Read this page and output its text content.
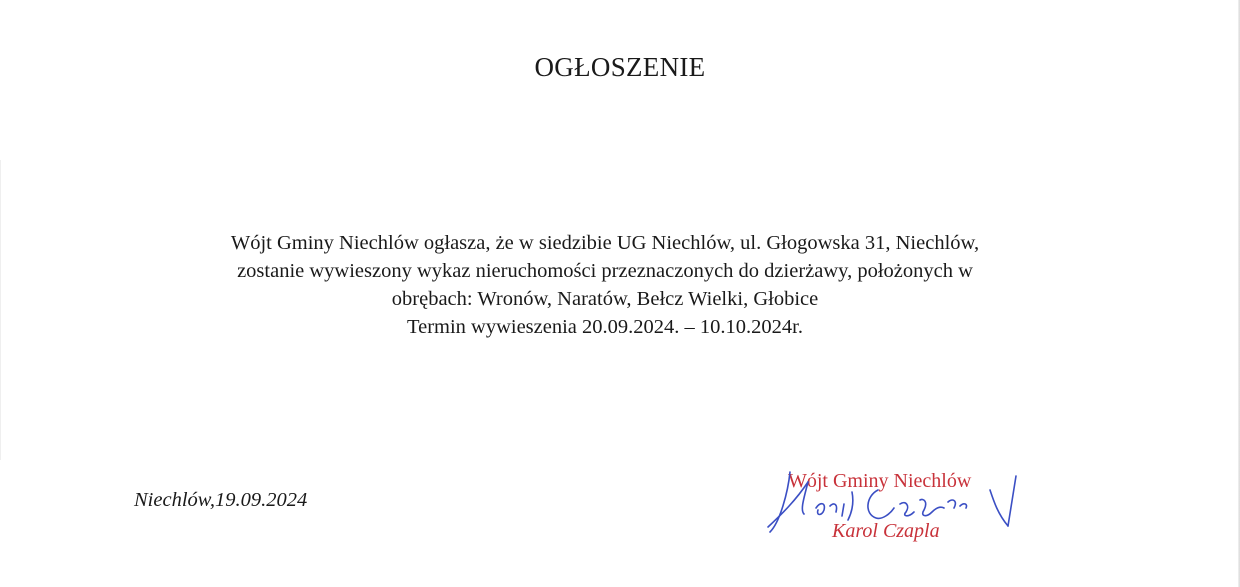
OGŁOSZENIE
Wójt Gminy Niechlów ogłasza, że w siedzibie UG Niechlów, ul. Głogowska 31, Niechlów,
zostanie wywieszony wykaz nieruchomości przeznaczonych do dzierżawy, położonych w
obrębach: Wronów, Naratów, Bełcz Wielki, Głobice
Termin wywieszenia 20.09.2024. – 10.10.2024r.
Niechlów,19.09.2024
Wójt Gminy Niechlów
Karol Czapla
